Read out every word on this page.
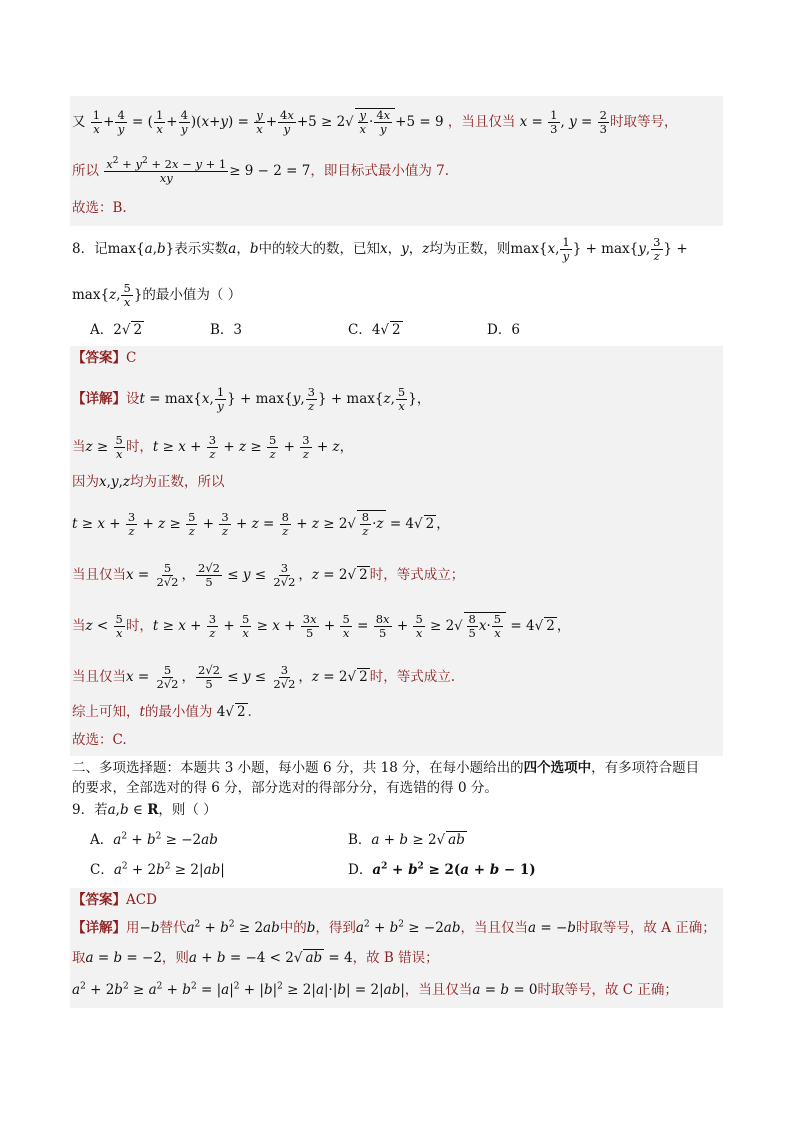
又 $\frac{1}{x} + \frac{4}{y}$ = ( $\frac{1}{x} + \frac{4}{y} )(x+y) = \frac{y}{x} + \frac{4x}{y} +5 \ge 2√ \frac{y}{x} \cdot \frac{4x}{y} +5 = 9$ ，当且仅当 $x = \frac{1}{3}$ , $y = \frac{2}{3}$ 时取等号，
所以 $\frac{x^2 + y^2 + 2x - y + 1}{xy} \ge 9 - 2 = 7$，即目标式最小值为 7.
故选：B.
8．记max{a,b}表示实数a，b中的较大的数，已知x，y，z均为正数，则max{x, $\frac{1}{y}$ } + max{y, $\frac{3}{z}$ } +
max{z, $\frac{5}{x}$ }的最小值为（ ）
A．2√ 2	B．3	C．4√ 2	D．6
【答案】C
【详解】设t = max{x, $\frac{1}{y}$ } + max{y, $\frac{3}{z}$ } + max{z, $\frac{5}{x}$ }，
当$z \ge \frac{5}{x}$ 时，$t \ge x + \frac{3}{z} + z \ge \frac{5}{z} + \frac{3}{z} + z$，
因为x,y,z均为正数，所以
$t \ge x + \frac{3}{z} + z \ge \frac{5}{z} + \frac{3}{z} + z = \frac{8}{z} + z \ge 2√ \frac{8}{z} \cdot z = 4√$ 2 ，
当且仅当$x = \frac{5}{2√2}$ ， $\frac{2√2}{5} \le y \le \frac{3}{2√2}$ ，z = 2√ 2 时，等式成立；
当$z < \frac{5}{x}$ 时，$t \ge x + \frac{3}{z} + \frac{5}{x} \ge x + \frac{3x}{5} + \frac{5}{x} = \frac{8x}{5} + \frac{5}{x} \ge 2√ \frac{8}{5} x\cdot \frac{5}{x} = 4√$ 2 ，
当且仅当$x = \frac{5}{2√2}$ ， $\frac{2√2}{5} \le y \le \frac{3}{2√2}$ ，z = 2√ 2 时，等式成立.
综上可知，t的最小值为 4√ 2 .
故选：C.
二、多项选择题：本题共 3 小题，每小题 6 分，共 18 分，在每小题给出的四个选项中，有多项符合题目
的要求，全部选对的得 6 分，部分选对的得部分分，有选错的得 0 分。
9．若a,b ∈ R，则（ ）
A．$a^2 + b^2 \ge -2ab$	B．a + b ≥ 2√ ab
C．$a^2 + 2b^2 \ge 2|ab|$	D．$a^2 + b^2 \ge 2(a + b - 1)$
【答案】ACD
【详解】用−b替代$a^2 + b^2 \ge 2ab$中的b，得到$a^2 + b^2 \ge -2ab$，当且仅当a = −b时取等号，故 A 正确；
取a = b = −2，则a + b = −4 < 2√ ab = 4，故 B 错误；
$a^2 + 2b^2 \ge a^2 + b^2 = |a|^2 + |b|^2 \ge 2|a|\cdot|b| = 2|ab|$，当且仅当a = b = 0时取等号，故 C 正确；
